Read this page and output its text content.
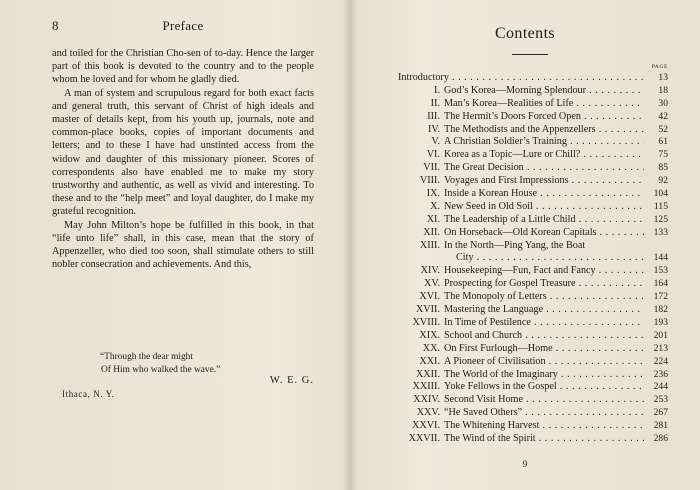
8	Preface

and toiled for the Christian Cho-sen of to-day. Hence the larger part of this book is devoted to the country and to the people whom he loved and for whom he gladly died.

A man of system and scrupulous regard for both exact facts and general truth, this servant of Christ of high ideals and master of details kept, from his youth up, journals, note and common-place books, copies of important documents and letters; and to these I have had unstinted access from the widow and daughter of this missionary pioneer. Scores of correspondents also have enabled me to make my story trustworthy and authentic, as well as vivid and interesting. To these and to the “help meet” and loyal daughter, do I make my grateful recognition.

May John Milton’s hope be fulfilled in this book, in that “life unto life” shall, in this case, mean that the story of Appenzeller, who died too soon, shall stimulate others to still nobler consecration and achievements. And this,

“Through the dear might
Of Him who walked the wave.”
W. E. G.
Ithaca, N. Y.
Contents
PAGE
Introductory . . .	13
I. God’s Korea—Morning Splendour . . .	18
II. Man’s Korea—Realities of Life . . .	30
III. The Hermit’s Doors Forced Open . . .	42
IV. The Methodists and the Appenzellers . . .	52
V. A Christian Soldier’s Training . . .	61
VI. Korea as a Topic—Lure or Chill? . . .	75
VII. The Great Decision . . .	85
VIII. Voyages and First Impressions . . .	92
IX. Inside a Korean House . . .	104
X. New Seed in Old Soil . . .	115
XI. The Leadership of a Little Child . . .	125
XII. On Horseback—Old Korean Capitals . . .	133
XIII. In the North—Ping Yang, the Boat
City . . .	144
XIV. Housekeeping—Fun, Fact and Fancy . . .	153
XV. Prospecting for Gospel Treasure . . .	164
XVI. The Monopoly of Letters . . .	172
XVII. Mastering the Language . . .	182
XVIII. In Time of Pestilence . . .	193
XIX. School and Church . . .	201
XX. On First Furlough—Home . . .	213
XXI. A Pioneer of Civilisation . . .	224
XXII. The World of the Imaginary . . .	236
XXIII. Yoke Fellows in the Gospel . . .	244
XXIV. Second Visit Home . . .	253
XXV. “He Saved Others” . . .	267
XXVI. The Whitening Harvest . . .	281
XXVII. The Wind of the Spirit . . .	286
9
